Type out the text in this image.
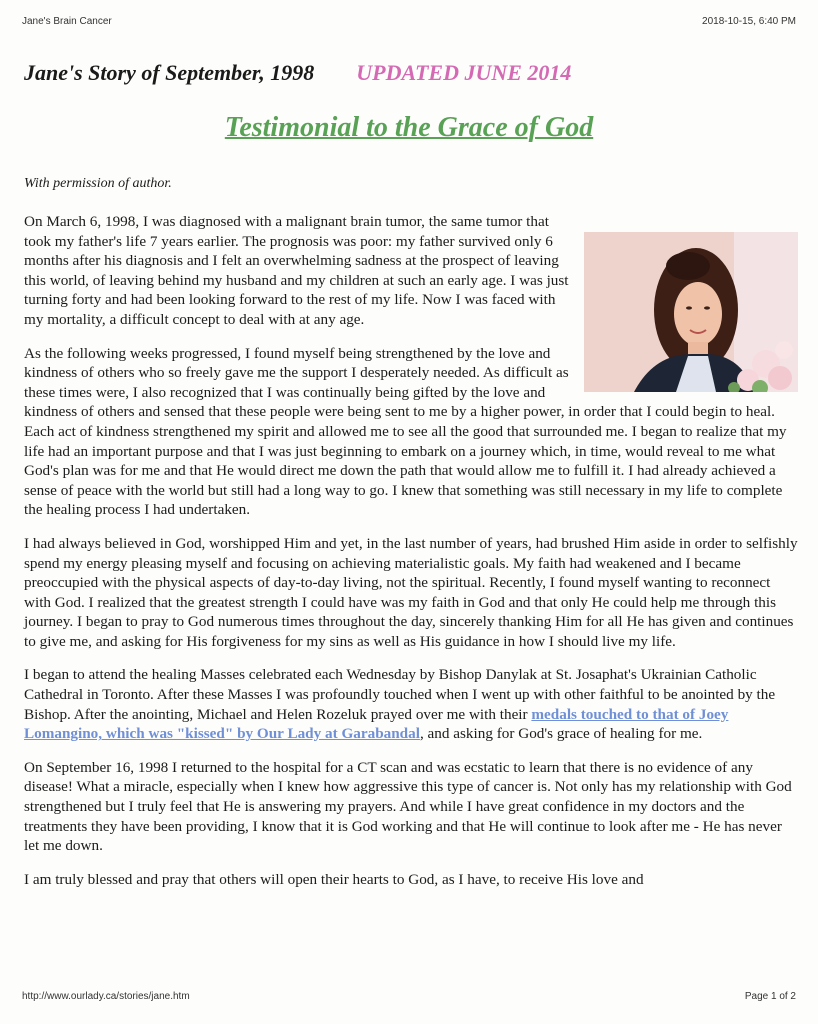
Jane's Brain Cancer	2018-10-15, 6:40 PM
Jane's Story of September, 1998 UPDATED JUNE 2014
Testimonial to the Grace of God
With permission of author.

On March 6, 1998, I was diagnosed with a malignant brain tumor, the same tumor that took my father's life 7 years earlier. The prognosis was poor: my father survived only 6 months after his diagnosis and I felt an overwhelming sadness at the prospect of leaving this world, of leaving behind my husband and my children at such an early age. I was just turning forty and had been looking forward to the rest of my life. Now I was faced with my mortality, a difficult concept to deal with at any age.

As the following weeks progressed, I found myself being strengthened by the love and kindness of others who so freely gave me the support I desperately needed. As difficult as these times were, I also recognized that I was continually being gifted by the love and kindness of others and sensed that these people were being sent to me by a higher power, in order that I could begin to heal. Each act of kindness strengthened my spirit and allowed me to see all the good that surrounded me. I began to realize that my life had an important purpose and that I was just beginning to embark on a journey which, in time, would reveal to me what God's plan was for me and that He would direct me down the path that would allow me to fulfill it. I had already achieved a sense of peace with the world but still had a long way to go. I knew that something was still necessary in my life to complete the healing process I had undertaken.

I had always believed in God, worshipped Him and yet, in the last number of years, had brushed Him aside in order to selfishly spend my energy pleasing myself and focusing on achieving materialistic goals. My faith had weakened and I became preoccupied with the physical aspects of day-to-day living, not the spiritual. Recently, I found myself wanting to reconnect with God. I realized that the greatest strength I could have was my faith in God and that only He could help me through this journey. I began to pray to God numerous times throughout the day, sincerely thanking Him for all He has given and continues to give me, and asking for His forgiveness for my sins as well as His guidance in how I should live my life.

I began to attend the healing Masses celebrated each Wednesday by Bishop Danylak at St. Josaphat's Ukrainian Catholic Cathedral in Toronto. After these Masses I was profoundly touched when I went up with other faithful to be anointed by the Bishop. After the anointing, Michael and Helen Rozeluk prayed over me with their medals touched to that of Joey Lomangino, which was "kissed" by Our Lady at Garabandal, and asking for God's grace of healing for me.

On September 16, 1998 I returned to the hospital for a CT scan and was ecstatic to learn that there is no evidence of any disease! What a miracle, especially when I knew how aggressive this type of cancer is. Not only has my relationship with God strengthened but I truly feel that He is answering my prayers. And while I have great confidence in my doctors and the treatments they have been providing, I know that it is God working and that He will continue to look after me - He has never let me down.

I am truly blessed and pray that others will open their hearts to God, as I have, to receive His love and

http://www.ourlady.ca/stories/jane.htm	Page 1 of 2
